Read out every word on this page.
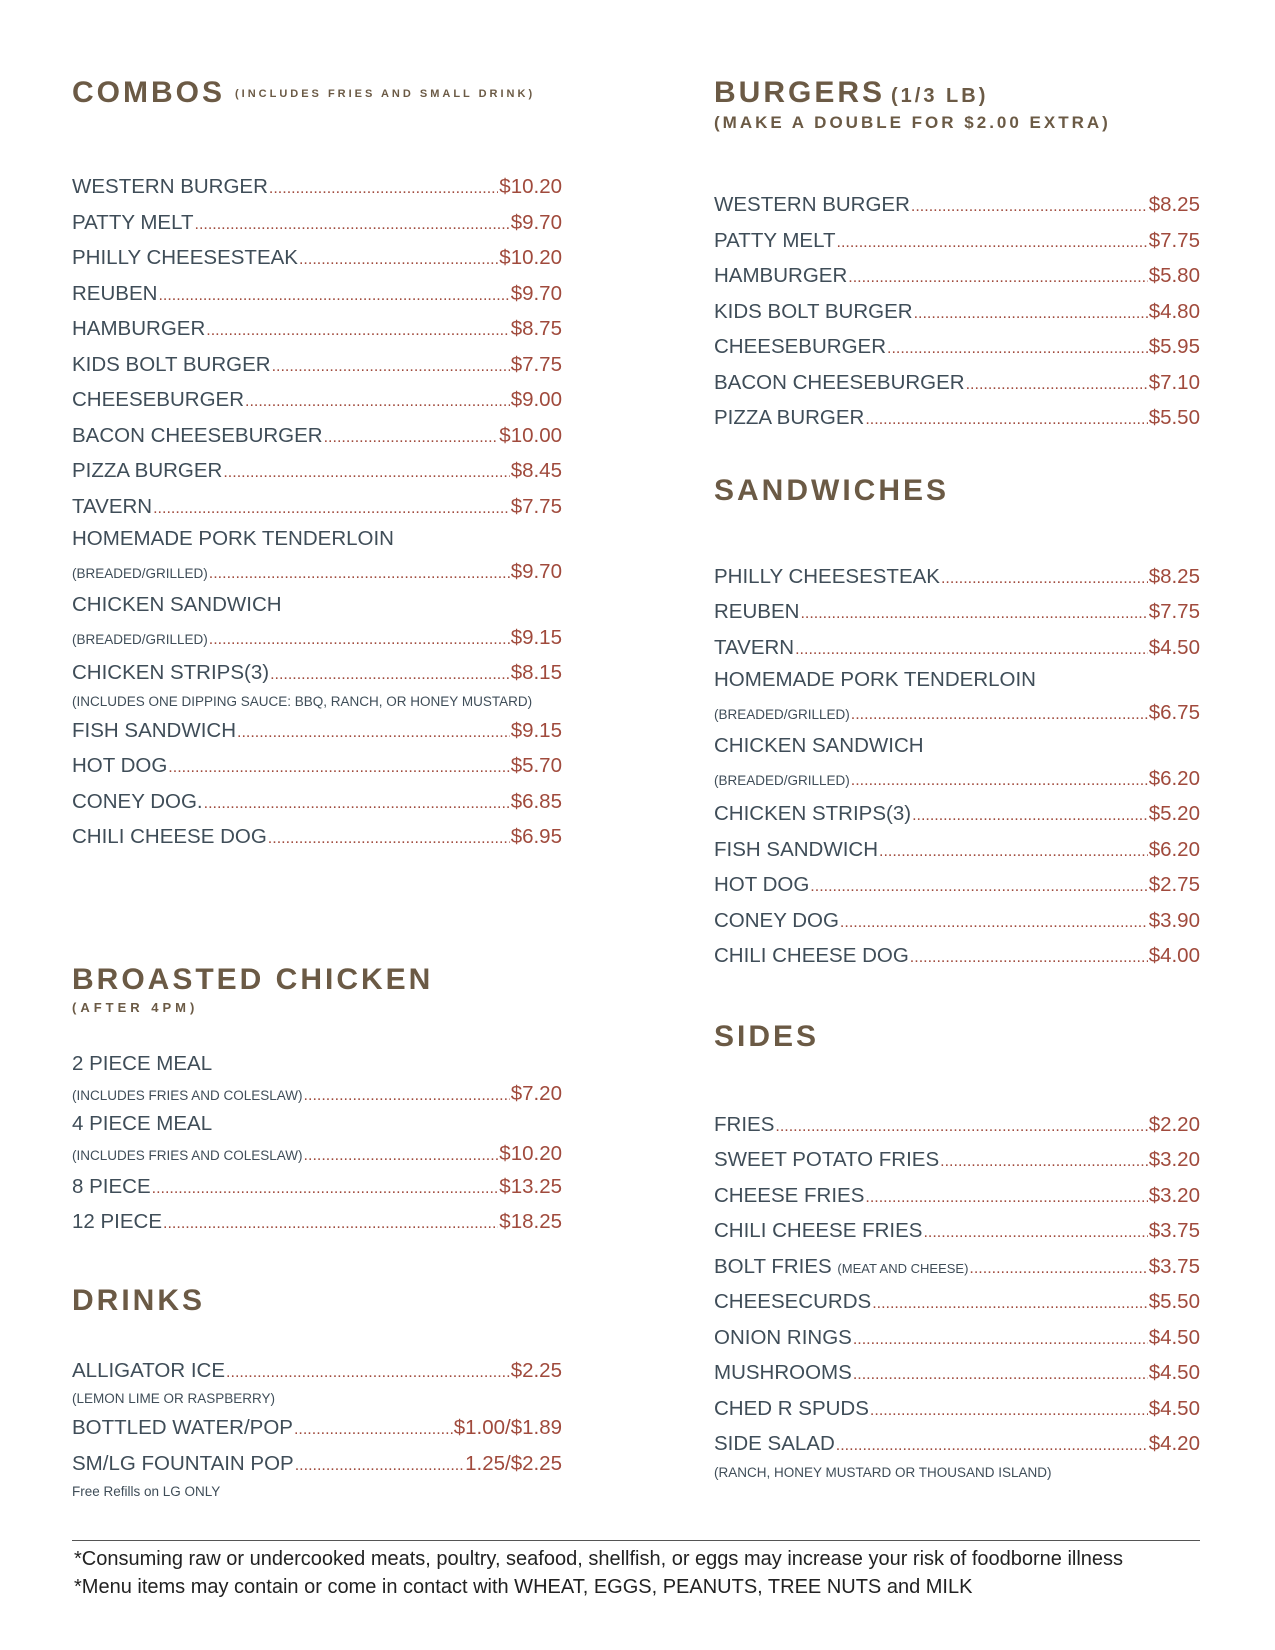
COMBOS (INCLUDES FRIES AND SMALL DRINK)
WESTERN BURGER .....	$10.20
PATTY MELT .....	$9.70
PHILLY CHEESESTEAK .....	$10.20
REUBEN .....	$9.70
HAMBURGER .....	$8.75
KIDS BOLT BURGER .....	$7.75
CHEESEBURGER .....	$9.00
BACON CHEESEBURGER .....	$10.00
PIZZA BURGER .....	$8.45
TAVERN .....	$7.75
HOMEMADE PORK TENDERLOIN
(BREADED/GRILLED) .....	$9.70
CHICKEN SANDWICH
(BREADED/GRILLED) .....	$9.15
CHICKEN STRIPS(3) .....	$8.15
(INCLUDES ONE DIPPING SAUCE: BBQ, RANCH, OR HONEY MUSTARD)
FISH SANDWICH .....	$9.15
HOT DOG .....	$5.70
CONEY DOG. .....	$6.85
CHILI CHEESE DOG .....	$6.95
BROASTED CHICKEN
(AFTER 4PM)
2 PIECE MEAL
(INCLUDES FRIES AND COLESLAW) .....	$7.20
4 PIECE MEAL
(INCLUDES FRIES AND COLESLAW) .....	$10.20
8 PIECE .....	$13.25
12 PIECE .....	$18.25
DRINKS
ALLIGATOR ICE .....	$2.25
(LEMON LIME OR RASPBERRY)
BOTTLED WATER/POP .....	$1.00/$1.89
SM/LG FOUNTAIN POP .....	1.25/$2.25
Free Refills on LG ONLY
BURGERS (1/3 LB)
(MAKE A DOUBLE FOR $2.00 EXTRA)
WESTERN BURGER .....	$8.25
PATTY MELT .....	$7.75
HAMBURGER .....	$5.80
KIDS BOLT BURGER .....	$4.80
CHEESEBURGER .....	$5.95
BACON CHEESEBURGER .....	$7.10
PIZZA BURGER .....	$5.50
SANDWICHES
PHILLY CHEESESTEAK .....	$8.25
REUBEN .....	$7.75
TAVERN .....	$4.50
HOMEMADE PORK TENDERLOIN
(BREADED/GRILLED) .....	$6.75
CHICKEN SANDWICH
(BREADED/GRILLED) .....	$6.20
CHICKEN STRIPS(3) .....	$5.20
FISH SANDWICH .....	$6.20
HOT DOG .....	$2.75
CONEY DOG .....	$3.90
CHILI CHEESE DOG .....	$4.00
SIDES
FRIES .....	$2.20
SWEET POTATO FRIES .....	$3.20
CHEESE FRIES .....	$3.20
CHILI CHEESE FRIES .....	$3.75
BOLT FRIES (MEAT AND CHEESE) .....	$3.75
CHEESECURDS .....	$5.50
ONION RINGS .....	$4.50
MUSHROOMS .....	$4.50
CHED R SPUDS .....	$4.50
SIDE SALAD .....	$4.20
(RANCH, HONEY MUSTARD OR THOUSAND ISLAND)
*Consuming raw or undercooked meats, poultry, seafood, shellfish, or eggs may increase your risk of foodborne illness
*Menu items may contain or come in contact with WHEAT, EGGS, PEANUTS, TREE NUTS and MILK
